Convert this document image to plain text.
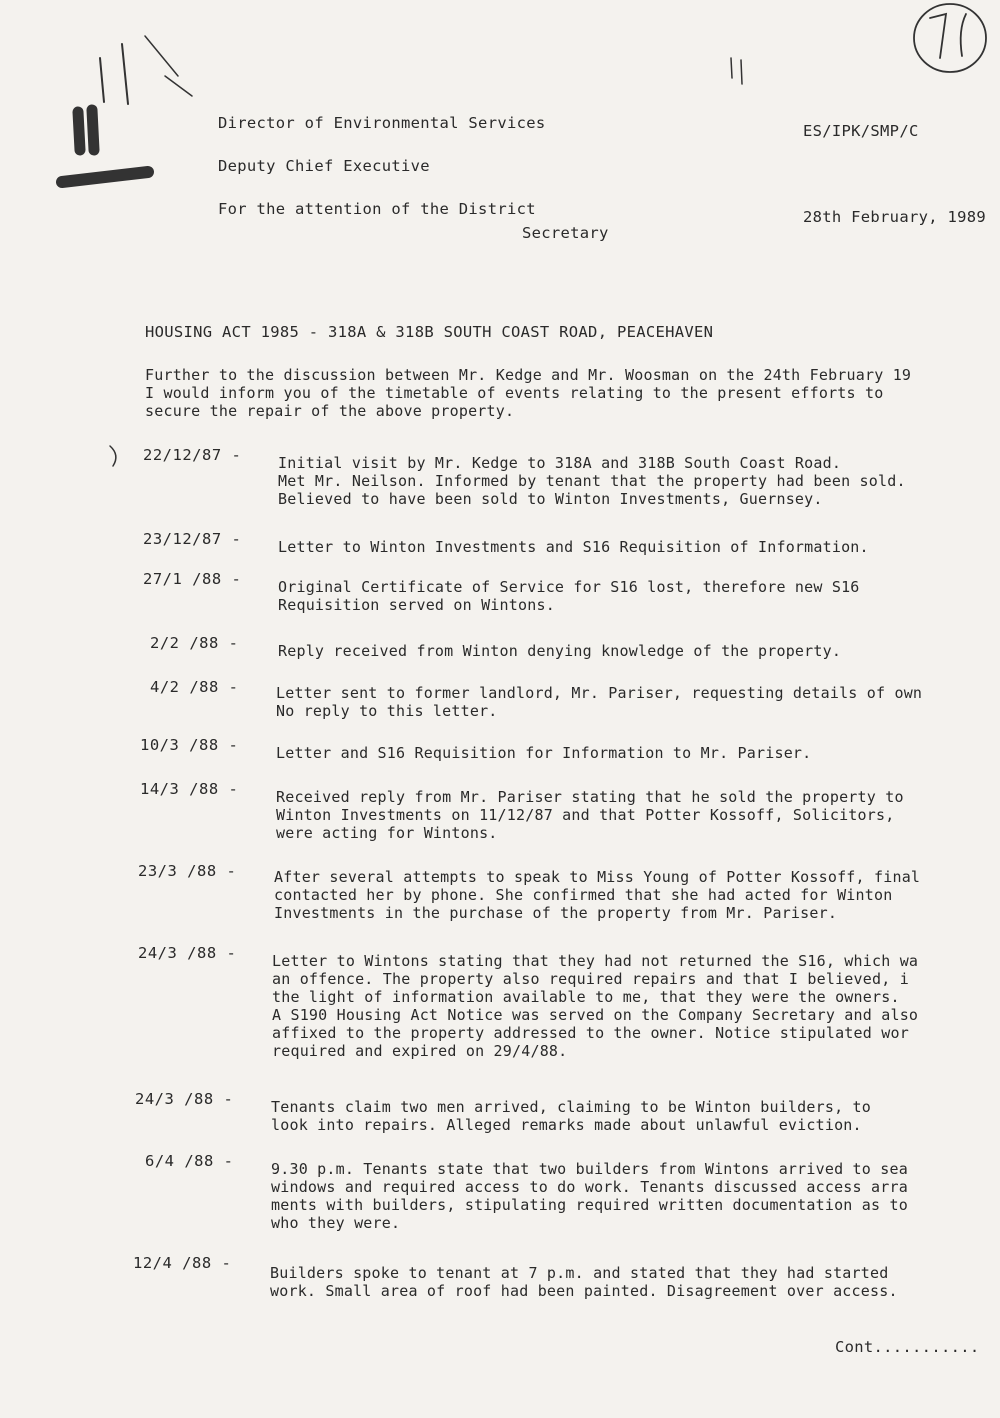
Director of Environmental Services
Deputy Chief Executive
For the attention of the District
Secretary
ES/IPK/SMP/C
28th February, 1989
HOUSING ACT 1985 - 318A & 318B SOUTH COAST ROAD, PEACEHAVEN
Further to the discussion between Mr. Kedge and Mr. Woosman on the 24th February 19
I would inform you of the timetable of events relating to the present efforts to
secure the repair of the above property.
22/12/87 - Initial visit by Mr. Kedge to 318A and 318B South Coast Road.
Met Mr. Neilson. Informed by tenant that the property had been sold.
Believed to have been sold to Winton Investments, Guernsey.
23/12/87 - Letter to Winton Investments and S16 Requisition of Information.
27/1 /88 - Original Certificate of Service for S16 lost, therefore new S16
Requisition served on Wintons.
2/2 /88 -	Reply received from Winton denying knowledge of the property.
4/2 /88 -	Letter sent to former landlord, Mr. Pariser, requesting details of own
No reply to this letter.
10/3 /88 -	Letter and S16 Requisition for Information to Mr. Pariser.
14/3 /88 -	Received reply from Mr. Pariser stating that he sold the property to
Winton Investments on 11/12/87 and that Potter Kossoff, Solicitors,
were acting for Wintons.
23/3 /88 -	After several attempts to speak to Miss Young of Potter Kossoff, final
contacted her by phone. She confirmed that she had acted for Winton
Investments in the purchase of the property from Mr. Pariser.
24/3 /88 - Letter to Wintons stating that they had not returned the S16, which wa
an offence. The property also required repairs and that I believed, i
the light of information available to me, that they were the owners.
A S190 Housing Act Notice was served on the Company Secretary and also
affixed to the property addressed to the owner. Notice stipulated wor
required and expired on 29/4/88.
24/3 /88 -	Tenants claim two men arrived, claiming to be Winton builders, to
look into repairs. Alleged remarks made about unlawful eviction.
6/4 /88 -	9.30 p.m. Tenants state that two builders from Wintons arrived to sea
windows and required access to do work. Tenants discussed access arra
ments with builders, stipulating required written documentation as to
who they were.
12/4 /88 -
Builders spoke to tenant at 7 p.m. and stated that they had started
work. Small area of roof had been painted. Disagreement over access.
Cont...........
